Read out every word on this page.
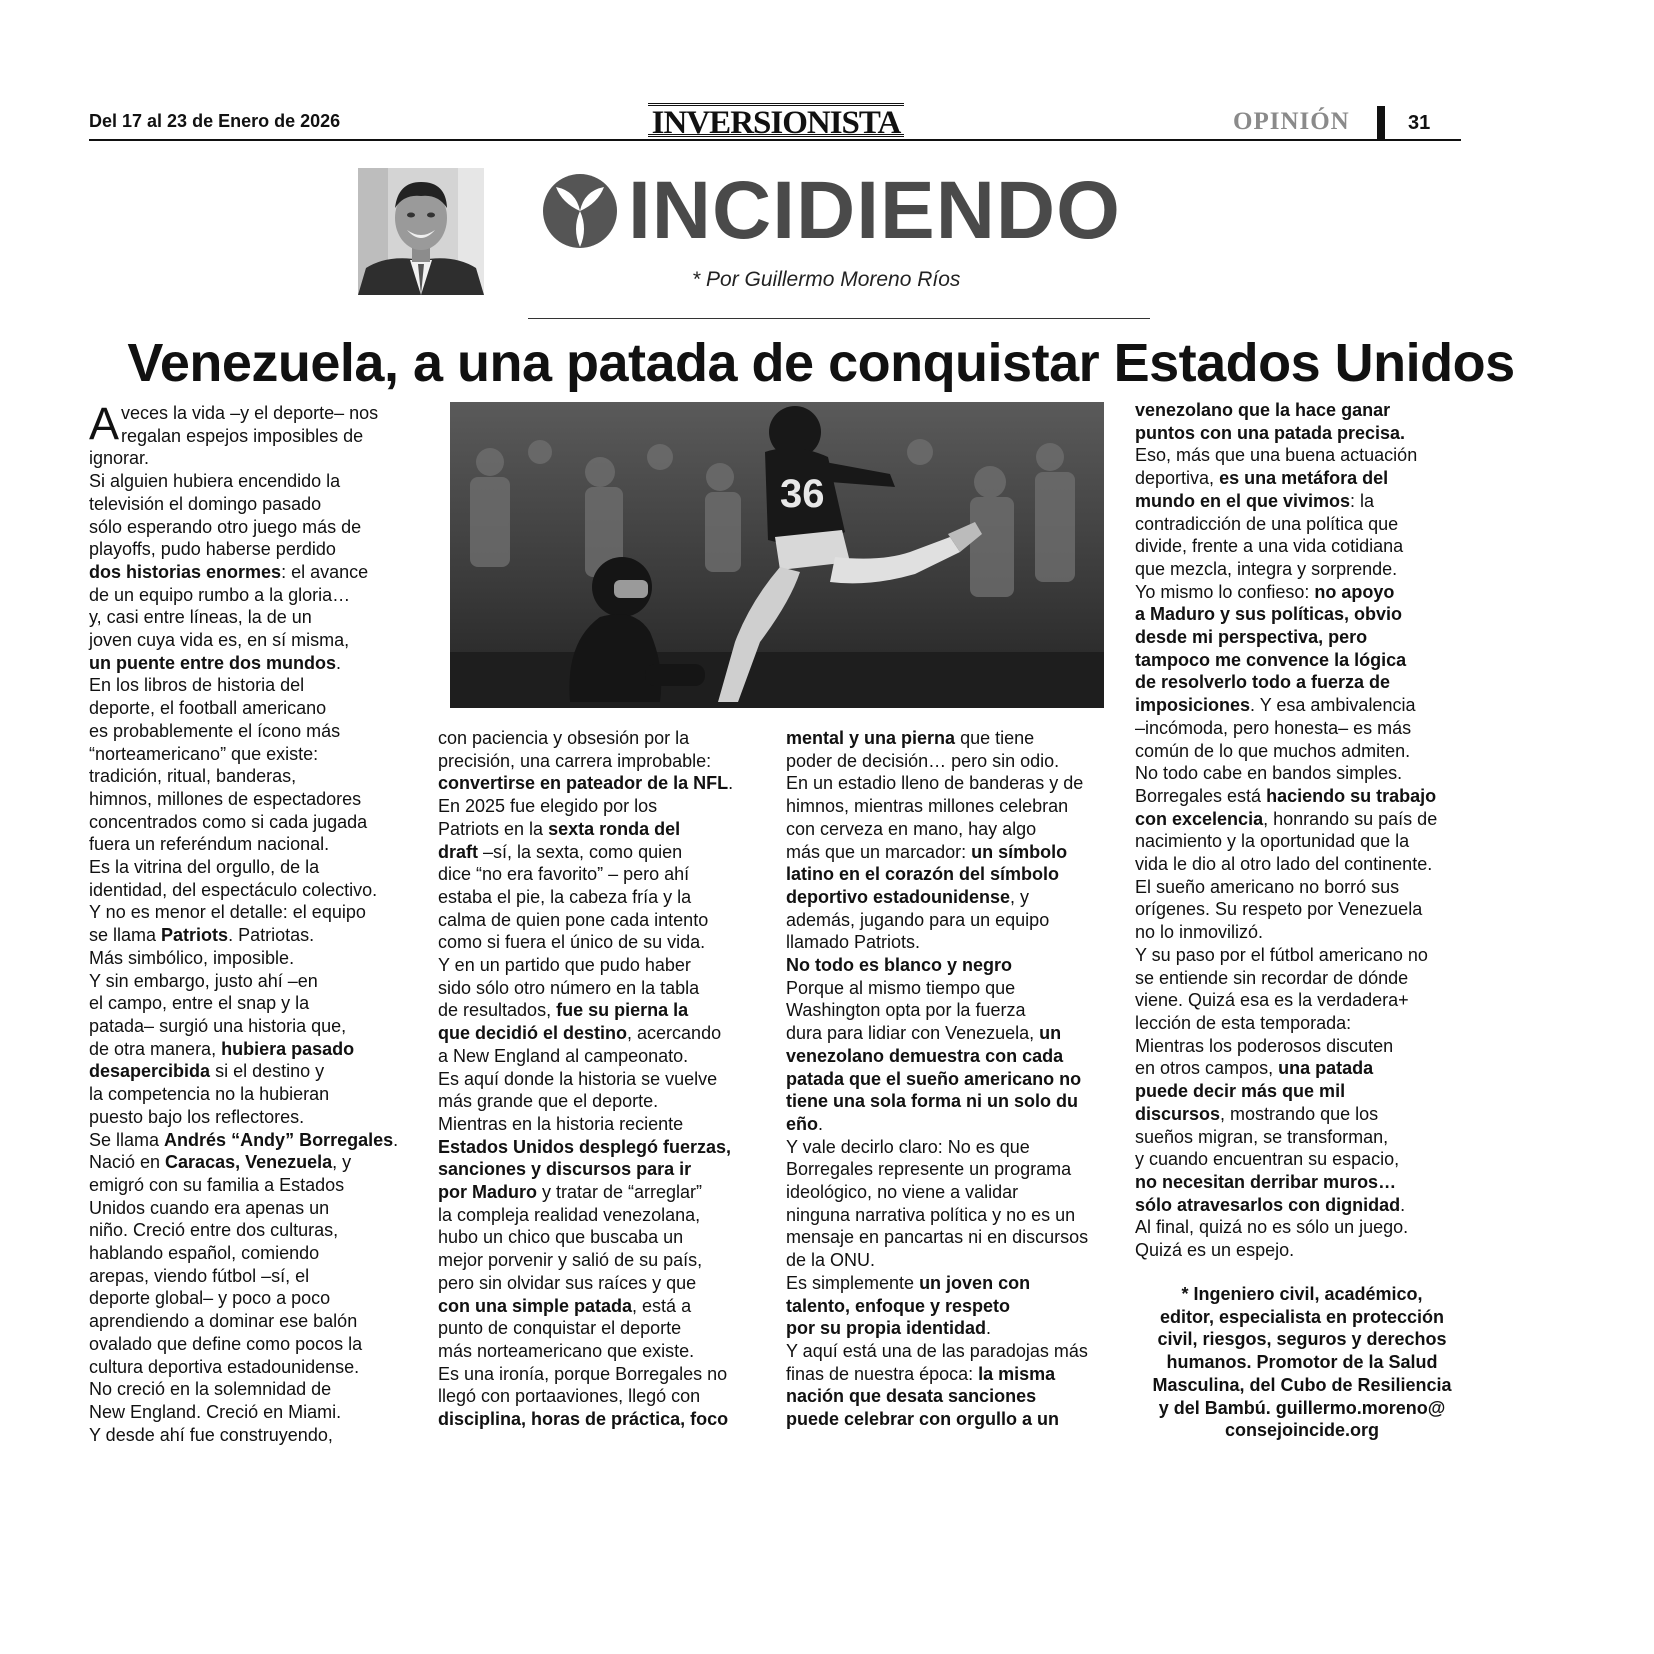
Del 17 al 23 de Enero de 2026	INVERSIONISTA	OPINIÓN	31
INCIDIENDO
* Por Guillermo Moreno Ríos
Venezuela, a una patada de conquistar Estados Unidos
36
A veces la vida –y el deporte– nos
regalan espejos imposibles de
ignorar.
Si alguien hubiera encendido la
televisión el domingo pasado
sólo esperando otro juego más de
playoffs, pudo haberse perdido
dos historias enormes: el avance
de un equipo rumbo a la gloria…
y, casi entre líneas, la de un
joven cuya vida es, en sí misma,
un puente entre dos mundos.
En los libros de historia del
deporte, el football americano
es probablemente el ícono más
“norteamericano” que existe:
tradición, ritual, banderas,
himnos, millones de espectadores
concentrados como si cada jugada
fuera un referéndum nacional.
Es la vitrina del orgullo, de la
identidad, del espectáculo colectivo.
Y no es menor el detalle: el equipo
se llama Patriots. Patriotas.
Más simbólico, imposible.
Y sin embargo, justo ahí –en
el campo, entre el snap y la
patada– surgió una historia que,
de otra manera, hubiera pasado
desapercibida si el destino y
la competencia no la hubieran
puesto bajo los reflectores.
Se llama Andrés “Andy” Borregales.
Nació en Caracas, Venezuela, y
emigró con su familia a Estados
Unidos cuando era apenas un
niño. Creció entre dos culturas,
hablando español, comiendo
arepas, viendo fútbol –sí, el
deporte global– y poco a poco
aprendiendo a dominar ese balón
ovalado que define como pocos la
cultura deportiva estadounidense.
No creció en la solemnidad de
New England. Creció en Miami.
Y desde ahí fue construyendo,
con paciencia y obsesión por la
precisión, una carrera improbable:
convertirse en pateador de la NFL.
En 2025 fue elegido por los
Patriots en la sexta ronda del
draft –sí, la sexta, como quien
dice “no era favorito” – pero ahí
estaba el pie, la cabeza fría y la
calma de quien pone cada intento
como si fuera el único de su vida.
Y en un partido que pudo haber
sido sólo otro número en la tabla
de resultados, fue su pierna la
que decidió el destino, acercando
a New England al campeonato.
Es aquí donde la historia se vuelve
más grande que el deporte.
Mientras en la historia reciente
Estados Unidos desplegó fuerzas,
sanciones y discursos para ir
por Maduro y tratar de “arreglar”
la compleja realidad venezolana,
hubo un chico que buscaba un
mejor porvenir y salió de su país,
pero sin olvidar sus raíces y que
con una simple patada, está a
punto de conquistar el deporte
más norteamericano que existe.
Es una ironía, porque Borregales no
llegó con portaaviones, llegó con
disciplina, horas de práctica, foco
mental y una pierna que tiene
poder de decisión… pero sin odio.
En un estadio lleno de banderas y de
himnos, mientras millones celebran
con cerveza en mano, hay algo
más que un marcador: un símbolo
latino en el corazón del símbolo
deportivo estadounidense, y
además, jugando para un equipo
llamado Patriots.
No todo es blanco y negro
Porque al mismo tiempo que
Washington opta por la fuerza
dura para lidiar con Venezuela, un
venezolano demuestra con cada
patada que el sueño americano no
tiene una sola forma ni un solo du
eño.
Y vale decirlo claro: No es que
Borregales represente un programa
ideológico, no viene a validar
ninguna narrativa política y no es un
mensaje en pancartas ni en discursos
de la ONU.
Es simplemente un joven con
talento, enfoque y respeto
por su propia identidad.
Y aquí está una de las paradojas más
finas de nuestra época: la misma
nación que desata sanciones
puede celebrar con orgullo a un
venezolano que la hace ganar
puntos con una patada precisa.
Eso, más que una buena actuación
deportiva, es una metáfora del
mundo en el que vivimos: la
contradicción de una política que
divide, frente a una vida cotidiana
que mezcla, integra y sorprende.
Yo mismo lo confieso: no apoyo
a Maduro y sus políticas, obvio
desde mi perspectiva, pero
tampoco me convence la lógica
de resolverlo todo a fuerza de
imposiciones. Y esa ambivalencia
–incómoda, pero honesta– es más
común de lo que muchos admiten.
No todo cabe en bandos simples.
Borregales está haciendo su trabajo
con excelencia, honrando su país de
nacimiento y la oportunidad que la
vida le dio al otro lado del continente.
El sueño americano no borró sus
orígenes. Su respeto por Venezuela
no lo inmovilizó.
Y su paso por el fútbol americano no
se entiende sin recordar de dónde
viene. Quizá esa es la verdadera+
lección de esta temporada:
Mientras los poderosos discuten
en otros campos, una patada
puede decir más que mil
discursos, mostrando que los
sueños migran, se transforman,
y cuando encuentran su espacio,
no necesitan derribar muros…
sólo atravesarlos con dignidad.
Al final, quizá no es sólo un juego.
Quizá es un espejo.
* Ingeniero civil, académico,
editor, especialista en protección
civil, riesgos, seguros y derechos
humanos. Promotor de la Salud
Masculina, del Cubo de Resiliencia
y del Bambú. guillermo.moreno@
consejoincide.org
